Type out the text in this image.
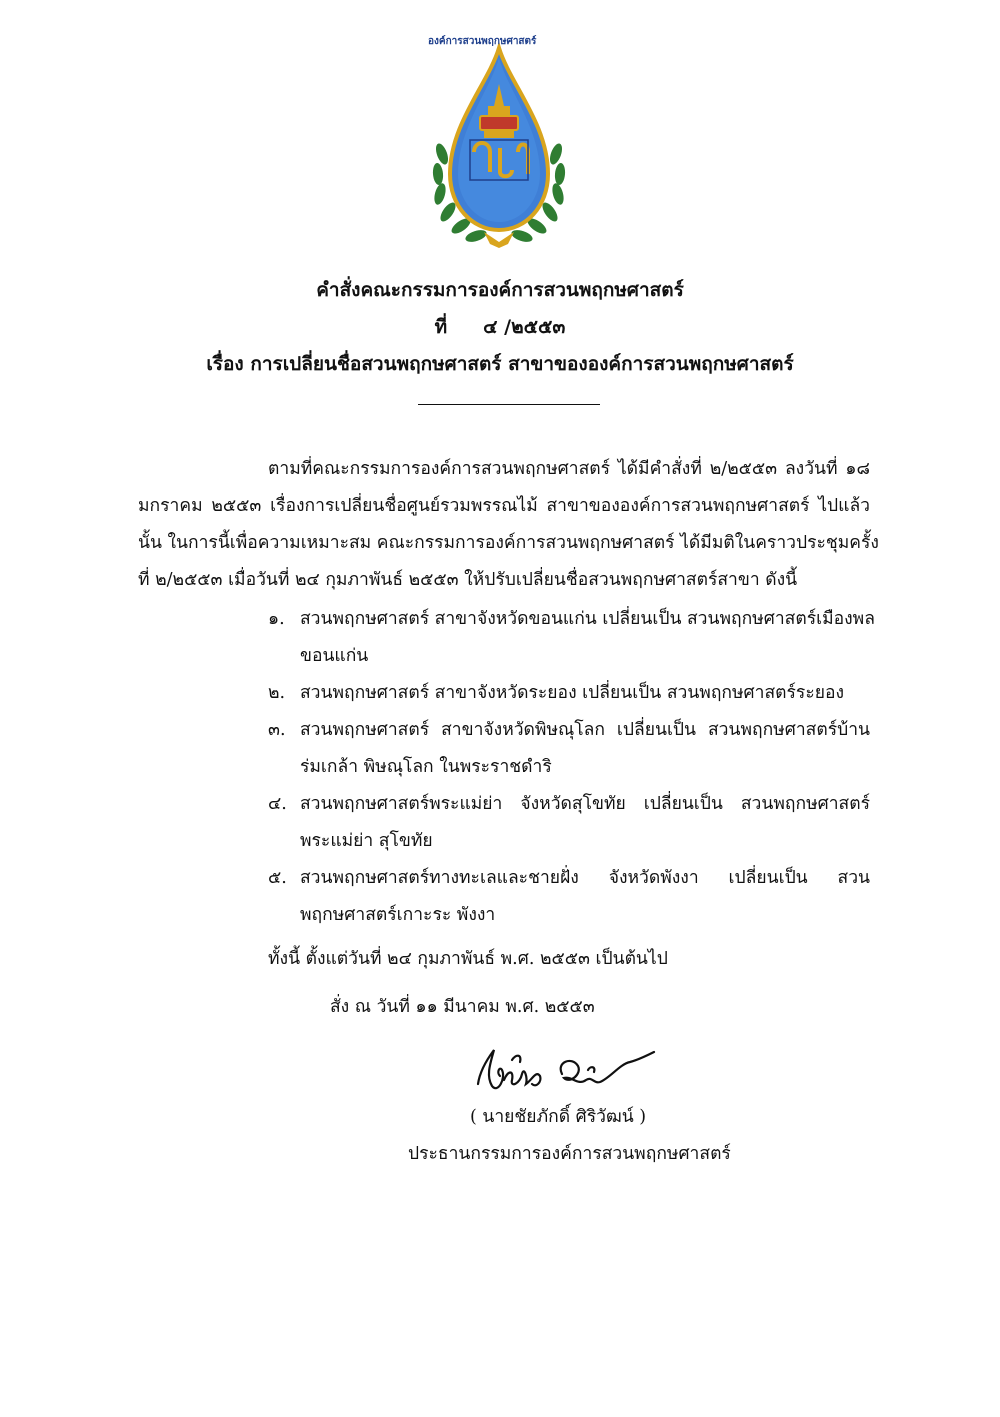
องค์การสวนพฤกษศาสตร์
คำสั่งคณะกรรมการองค์การสวนพฤกษศาสตร์
ที่ ๔ /๒๕๕๓
เรื่อง การเปลี่ยนชื่อสวนพฤกษศาสตร์ สาขาขององค์การสวนพฤกษศาสตร์
ตามที่คณะกรรมการองค์การสวนพฤกษศาสตร์ ได้มีคำสั่งที่ ๒/๒๕๕๓ ลงวันที่ ๑๘
มกราคม ๒๕๕๓ เรื่องการเปลี่ยนชื่อศูนย์รวมพรรณไม้ สาขาขององค์การสวนพฤกษศาสตร์ ไปแล้ว
นั้น ในการนี้เพื่อความเหมาะสม คณะกรรมการองค์การสวนพฤกษศาสตร์ ได้มีมติในคราวประชุมครั้ง
ที่ ๒/๒๕๕๓ เมื่อวันที่ ๒๔ กุมภาพันธ์ ๒๕๕๓ ให้ปรับเปลี่ยนชื่อสวนพฤกษศาสตร์สาขา ดังนี้
๑. สวนพฤกษศาสตร์ สาขาจังหวัดขอนแก่น เปลี่ยนเป็น สวนพฤกษศาสตร์เมืองพล
ขอนแก่น
๒. สวนพฤกษศาสตร์ สาขาจังหวัดระยอง เปลี่ยนเป็น สวนพฤกษศาสตร์ระยอง
๓. สวนพฤกษศาสตร์ สาขาจังหวัดพิษณุโลก เปลี่ยนเป็น สวนพฤกษศาสตร์บ้าน
ร่มเกล้า พิษณุโลก ในพระราชดำริ
๔. สวนพฤกษศาสตร์พระแม่ย่า จังหวัดสุโขทัย เปลี่ยนเป็น สวนพฤกษศาสตร์
พระแม่ย่า สุโขทัย
๕. สวนพฤกษศาสตร์ทางทะเลและชายฝั่ง จังหวัดพังงา เปลี่ยนเป็น สวน
พฤกษศาสตร์เกาะระ พังงา
ทั้งนี้ ตั้งแต่วันที่ ๒๔ กุมภาพันธ์ พ.ศ. ๒๕๕๓ เป็นต้นไป
สั่ง ณ วันที่ ๑๑ มีนาคม พ.ศ. ๒๕๕๓
( นายชัยภักดิ์ ศิริวัฒน์ )
ประธานกรรมการองค์การสวนพฤกษศาสตร์
